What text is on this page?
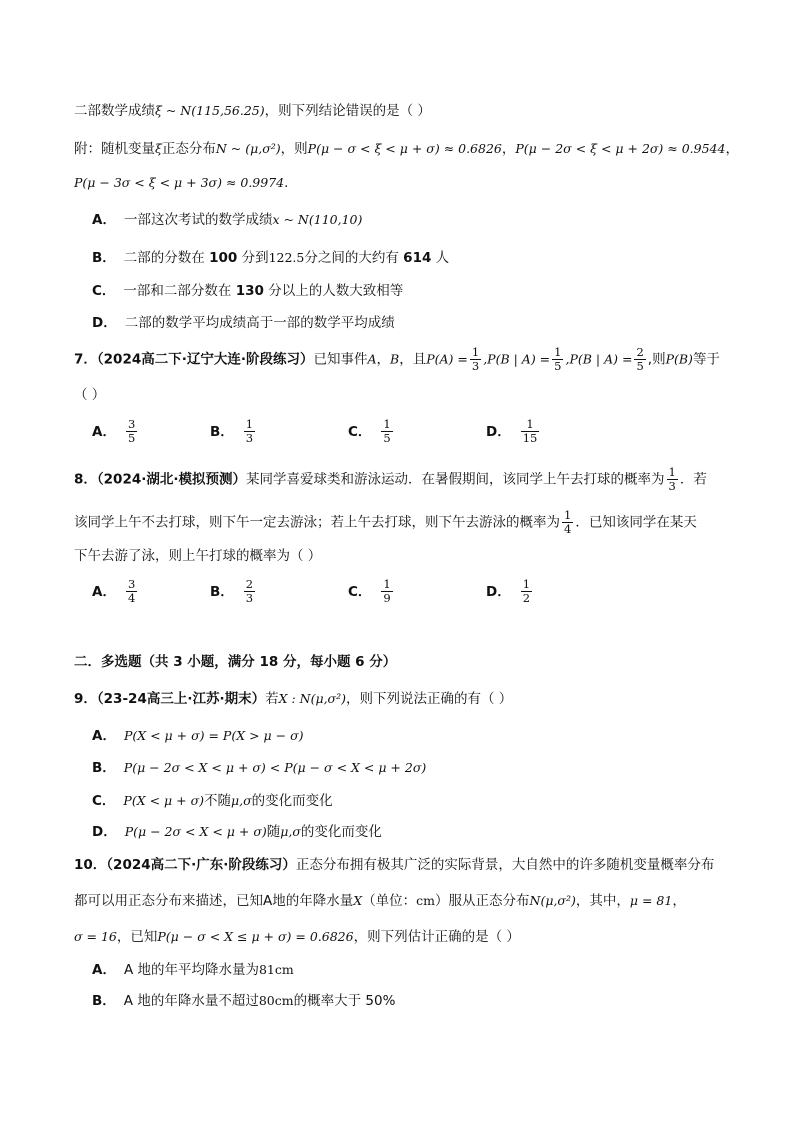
二部数学成绩ξ ~ N(115,56.25)，则下列结论错误的是（ ）
附：随机变量ξ正态分布N ~ (μ,σ²)，则P(μ − σ < ξ < μ + σ) ≈ 0.6826，P(μ − 2σ < ξ < μ + 2σ) ≈ 0.9544，
P(μ − 3σ < ξ < μ + 3σ) ≈ 0.9974.
A． 一部这次考试的数学成绩x ~ N(110,10)
B． 二部的分数在 100 分到122.5分之间的大约有 614 人
C． 一部和二部分数在 130 分以上的人数大致相等
D． 二部的数学平均成绩高于一部的数学平均成绩
7．（2024高二下·辽宁大连·阶段练习）已知事件A，B，且$P(A) = \frac{1}{3} ,P(B$ | $A) = \frac{1}{5} ,P(B$ | $A) = \frac{2}{5}$ ,则P(B)等于
（ ）
A． $\frac{3}{5}$	B． $\frac{1}{3}$	C． $\frac{1}{5}$	D． $\frac{1}{15}$
8．（2024·湖北·模拟预测）某同学喜爱球类和游泳运动．在暑假期间，该同学上午去打球的概率为 $\frac{1}{3}$ ．若
该同学上午不去打球，则下午一定去游泳；若上午去打球，则下午去游泳的概率为 $\frac{1}{4}$ ．已知该同学在某天
下午去游了泳，则上午打球的概率为（ ）
A． $\frac{3}{4}$	B． $\frac{2}{3}$	C． $\frac{1}{9}$	D． $\frac{1}{2}$
二．多选题（共 3 小题，满分 18 分，每小题 6 分）
9．（23-24高三上·江苏·期末）若X : N(μ,σ²)，则下列说法正确的有（ ）
A． P(X < μ + σ) = P(X > μ − σ)
B． P(μ − 2σ < X < μ + σ) < P(μ − σ < X < μ + 2σ)
C． P(X < μ + σ)不随μ,σ的变化而变化
D． P(μ − 2σ < X < μ + σ)随μ,σ的变化而变化
10．（2024高二下·广东·阶段练习）正态分布拥有极其广泛的实际背景，大自然中的许多随机变量概率分布
都可以用正态分布来描述，已知A地的年降水量X（单位：cm）服从正态分布N(μ,σ²)，其中，μ = 81，
σ = 16，已知P(μ − σ < X ≤ μ + σ) = 0.6826，则下列估计正确的是（ ）
A． A 地的年平均降水量为81cm
B． A 地的年降水量不超过80cm的概率大于 50%
